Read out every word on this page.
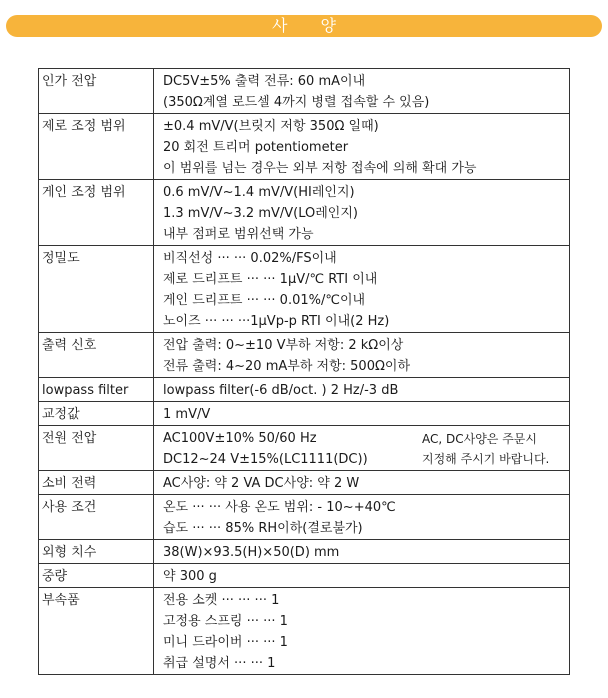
사 양
인가 전압	DC5V±5% 출력 전류: 60 mA이내
(350Ω계열 로드셀 4까지 병렬 접속할 수 있음)

제로 조정 범위	±0.4 mV/V(브릿지 저항 350Ω 일때)
20 회전 트리머 potentiometer
이 범위를 넘는 경우는 외부 저항 접속에 의해 확대 가능

게인 조정 범위	0.6 mV/V~1.4 mV/V(HI레인지)
1.3 mV/V~3.2 mV/V(LO레인지)
내부 점퍼로 범위선택 가능

정밀도	비직선성 ··· ··· 0.02%/FS이내
제로 드리프트 ··· ··· 1μV/℃ RTI 이내
게인 드리프트 ··· ··· 0.01%/℃이내
노이즈 ··· ··· ···1μVp-p RTI 이내(2 Hz)

출력 신호	전압 출력: 0~±10 V부하 저항: 2 kΩ이상
전류 출력: 4~20 mA부하 저항: 500Ω이하

lowpass filter	lowpass filter(-6 dB/oct. ) 2 Hz/-3 dB

교정값	1 mV/V

전원 전압	AC100V±10% 50/60 Hz
DC12~24 V±15%(LC1111(DC))
AC, DC사양은 주문시
지정해 주시기 바랍니다.

소비 전력	AC사양: 약 2 VA DC사양: 약 2 W

사용 조건	온도 ··· ··· 사용 온도 범위: - 10~+40℃
습도 ··· ··· 85% RH이하(결로불가)

외형 치수	38(W)×93.5(H)×50(D) mm

중량	약 300 g

부속품	전용 소켓 ··· ··· ··· 1
고정용 스프링 ··· ··· 1
미니 드라이버 ··· ··· 1
취급 설명서 ··· ··· 1
